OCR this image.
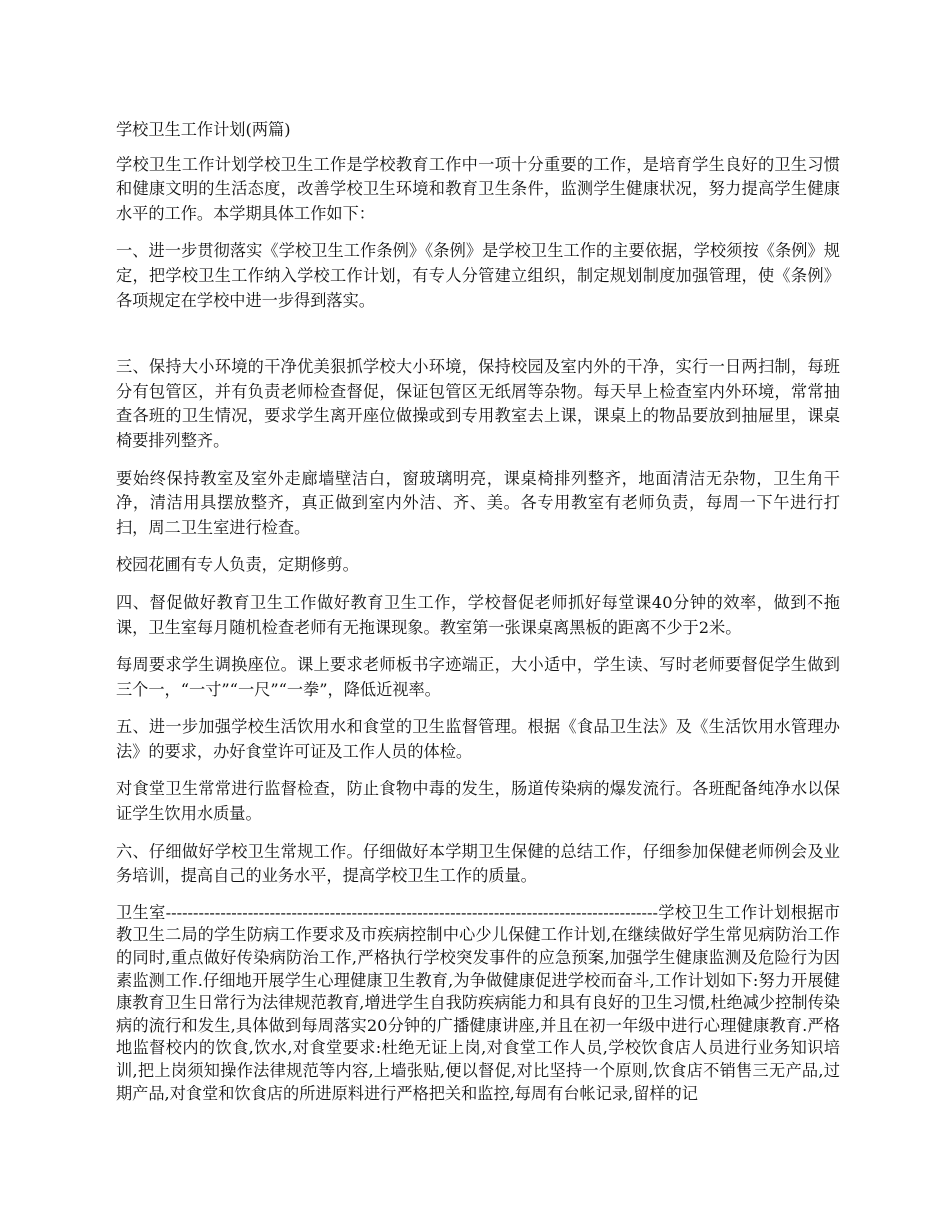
学校卫生工作计划(两篇)

学校卫生工作计划学校卫生工作是学校教育工作中一项十分重要的工作，是培育学生良好的卫生习惯和健康文明的生活态度，改善学校卫生环境和教育卫生条件，监测学生健康状况，努力提高学生健康水平的工作。本学期具体工作如下：

一、进一步贯彻落实《学校卫生工作条例》《条例》是学校卫生工作的主要依据，学校须按《条例》规定，把学校卫生工作纳入学校工作计划，有专人分管建立组织，制定规划制度加强管理，使《条例》各项规定在学校中进一步得到落实。

三、保持大小环境的干净优美狠抓学校大小环境，保持校园及室内外的干净，实行一日两扫制，每班分有包管区，并有负责老师检查督促，保证包管区无纸屑等杂物。每天早上检查室内外环境，常常抽查各班的卫生情况，要求学生离开座位做操或到专用教室去上课，课桌上的物品要放到抽屉里，课桌椅要排列整齐。

要始终保持教室及室外走廊墙壁洁白，窗玻璃明亮，课桌椅排列整齐，地面清洁无杂物，卫生角干净，清洁用具摆放整齐，真正做到室内外洁、齐、美。各专用教室有老师负责，每周一下午进行打扫，周二卫生室进行检查。

校园花圃有专人负责，定期修剪。

四、督促做好教育卫生工作做好教育卫生工作，学校督促老师抓好每堂课40分钟的效率，做到不拖课，卫生室每月随机检查老师有无拖课现象。教室第一张课桌离黑板的距离不少于2米。

每周要求学生调换座位。课上要求老师板书字迹端正，大小适中，学生读、写时老师要督促学生做到三个一，“一寸”“一尺”“一拳”，降低近视率。

五、进一步加强学校生活饮用水和食堂的卫生监督管理。根据《食品卫生法》及《生活饮用水管理办法》的要求，办好食堂许可证及工作人员的体检。

对食堂卫生常常进行监督检查，防止食物中毒的发生，肠道传染病的爆发流行。各班配备纯净水以保证学生饮用水质量。

六、仔细做好学校卫生常规工作。仔细做好本学期卫生保健的总结工作，仔细参加保健老师例会及业务培训，提高自己的业务水平，提高学校卫生工作的质量。

卫生室------------------------------------------------------------------------------------------学校卫生工作计划根据市教卫生二局的学生防病工作要求及市疾病控制中心少儿保健工作计划,在继续做好学生常见病防治工作的同时,重点做好传染病防治工作,严格执行学校突发事件的应急预案,加强学生健康监测及危险行为因素监测工作.仔细地开展学生心理健康卫生教育,为争做健康促进学校而奋斗,工作计划如下:努力开展健康教育卫生日常行为法律规范教育,增进学生自我防疾病能力和具有良好的卫生习惯,杜绝减少控制传染病的流行和发生,具体做到每周落实20分钟的广播健康讲座,并且在初一年级中进行心理健康教育.严格地监督校内的饮食,饮水,对食堂要求:杜绝无证上岗,对食堂工作人员,学校饮食店人员进行业务知识培训,把上岗须知操作法律规范等内容,上墙张贴,便以督促,对比坚持一个原则,饮食店不销售三无产品,过期产品,对食堂和饮食店的所进原料进行严格把关和监控,每周有台帐记录,留样的记
